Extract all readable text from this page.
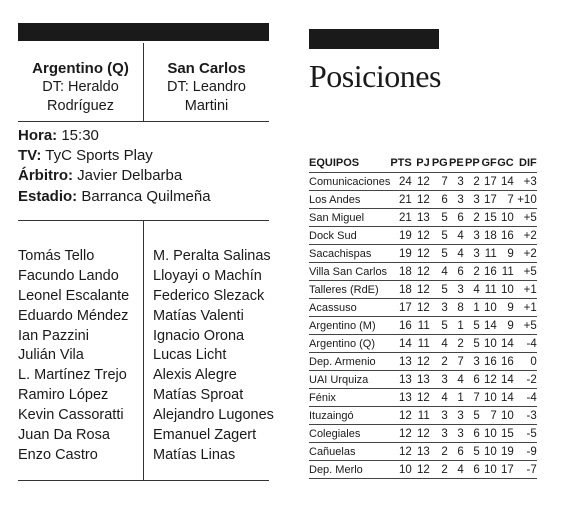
Argentino (Q)
DT: Heraldo
Rodríguez
San Carlos
DT: Leandro
Martini
Hora: 15:30
TV: TyC Sports Play
Árbitro: Javier Delbarba
Estadio: Barranca Quilmeña
Tomás Tello
Facundo Lando
Leonel Escalante
Eduardo Méndez
Ian Pazzini
Julián Vila
L. Martínez Trejo
Ramiro López
Kevin Cassoratti
Juan Da Rosa
Enzo Castro
M. Peralta Salinas
Lloyayi o Machín
Federico Slezack
Matías Valenti
Ignacio Orona
Lucas Licht
Alexis Alegre
Matías Sproat
Alejandro Lugones
Emanuel Zagert
Matías Linas
Posiciones
EQUIPOS	PTS	PJ	PG	PE	PP	GF	GC	DIF
Comunicaciones	24	12	7	3	2	17	14	+3
Los Andes	21	12	6	3	3	17	7	+10
San Miguel	21	13	5	6	2	15	10	+5
Dock Sud	19	12	5	4	3	18	16	+2
Sacachispas	19	12	5	4	3	11	9	+2
Villa San Carlos	18	12	4	6	2	16	11	+5
Talleres (RdE)	18	12	5	3	4	11	10	+1
Acassuso	17	12	3	8	1	10	9	+1
Argentino (M)	16	11	5	1	5	14	9	+5
Argentino (Q)	14	11	4	2	5	10	14	-4
Dep. Armenio	13	12	2	7	3	16	16	0
UAI Urquiza	13	13	3	4	6	12	14	-2
Fénix	13	12	4	1	7	10	14	-4
Ituzaingó	12	11	3	3	5	7	10	-3
Colegiales	12	12	3	3	6	10	15	-5
Cañuelas	12	13	2	6	5	10	19	-9
Dep. Merlo	10	12	2	4	6	10	17	-7
